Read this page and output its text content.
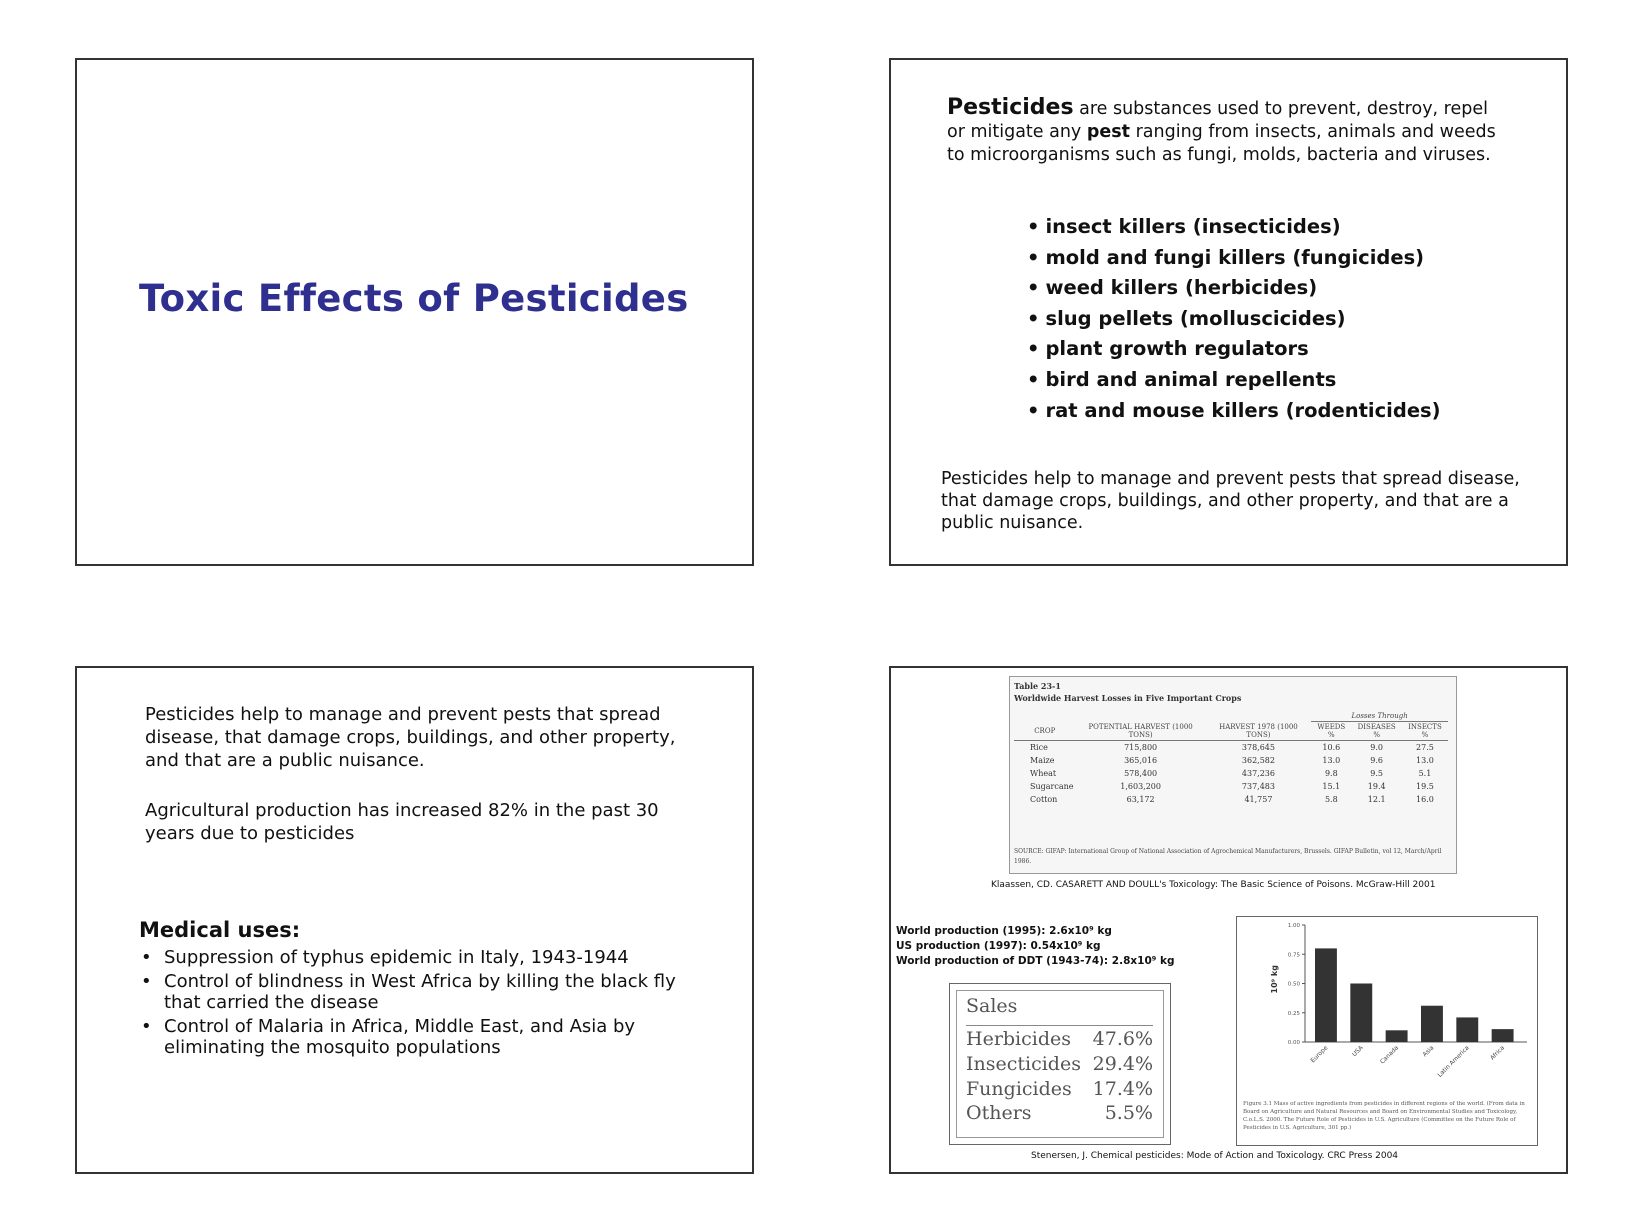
Toxic Effects of Pesticides
Pesticides are substances used to prevent, destroy, repel or mitigate any pest ranging from insects, animals and weeds to microorganisms such as fungi, molds, bacteria and viruses.
• insect killers (insecticides)
• mold and fungi killers (fungicides)
• weed killers (herbicides)
• slug pellets (molluscicides)
• plant growth regulators
• bird and animal repellents
• rat and mouse killers (rodenticides)
Pesticides help to manage and prevent pests that spread disease, that damage crops, buildings, and other property, and that are a public nuisance.
Pesticides help to manage and prevent pests that spread disease, that damage crops, buildings, and other property, and that are a public nuisance.
Agricultural production has increased 82% in the past 30 years due to pesticides
Medical uses:
• Suppression of typhus epidemic in Italy, 1943-1944
• Control of blindness in West Africa by killing the black fly that carried the disease
• Control of Malaria in Africa, Middle East, and Asia by eliminating the mosquito populations
Table 23-1
Worldwide Harvest Losses in Five Important Crops
			Losses Through		
CROP	POTENTIAL HARVEST (1000 TONS)	HARVEST 1978 (1000 TONS)	WEEDS %	DISEASES %	INSECTS %
Rice	715,800	378,645	10.6	9.0	27.5
Maize	365,016	362,582	13.0	9.6	13.0
Wheat	578,400	437,236	9.8	9.5	5.1
Sugarcane	1,603,200	737,483	15.1	19.4	19.5
Cotton	63,172	41,757	5.8	12.1	16.0
SOURCE: GIFAP: International Group of National Association of Agrochemical Manufacturers, Brussels. GIFAP Bulletin, vol 12, March/April 1986.
Klaassen, CD. CASARETT AND DOULL's Toxicology: The Basic Science of Poisons. McGraw-Hill 2001
World production (1995): 2.6x10⁹ kg
US production (1997): 0.54x10⁹ kg
World production of DDT (1943-74): 2.8x10⁹ kg
Sales
Herbicides 47.6%
Insecticides 29.4%
Fungicides 17.4%
Others	5.5%
0.00
0.25
0.50
0.75
1.00
10⁹ kg
Europe	USA Canada	Asia Latin America	Africa
Figure 3.1 Mass of active ingredients from pesticides in different regions of the world. (From data in Board on Agriculture and Natural Resources and Board on Environmental Studies and Toxicology, C.o.L.S. 2000. The Future Role of Pesticides in U.S. Agriculture (Committee on the Future Role of Pesticides in U.S. Agriculture, 301 pp.)
Stenersen, J. Chemical pesticides: Mode of Action and Toxicology. CRC Press 2004
